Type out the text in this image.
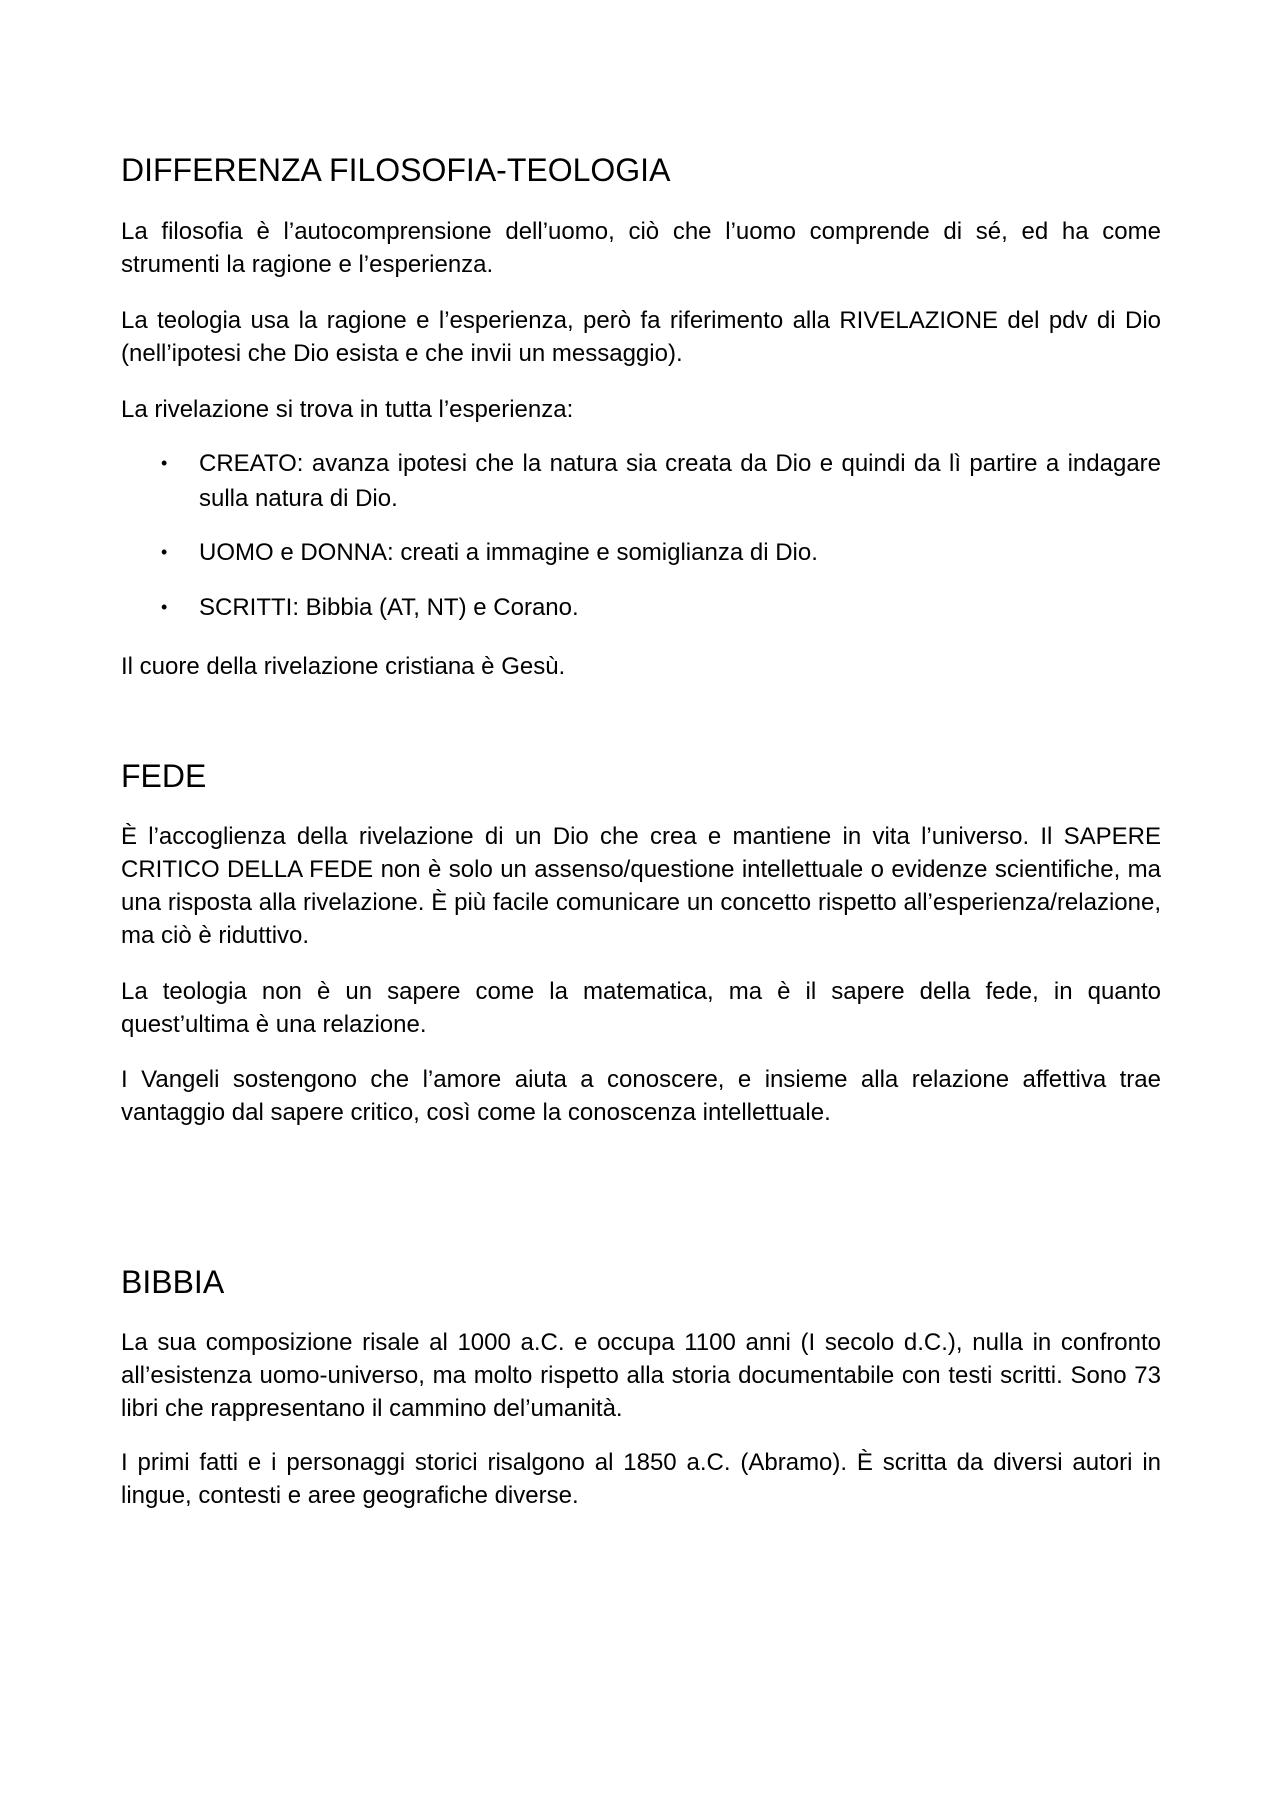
DIFFERENZA FILOSOFIA-TEOLOGIA

La filosofia è l’autocomprensione dell’uomo, ciò che l’uomo comprende di sé, ed ha come strumenti la ragione e l’esperienza.

La teologia usa la ragione e l’esperienza, però fa riferimento alla RIVELAZIONE del pdv di Dio (nell’ipotesi che Dio esista e che invii un messaggio).

La rivelazione si trova in tutta l’esperienza:

• CREATO: avanza ipotesi che la natura sia creata da Dio e quindi da lì partire a indagare sulla natura di Dio.
• UOMO e DONNA: creati a immagine e somiglianza di Dio.
• SCRITTI: Bibbia (AT, NT) e Corano.

Il cuore della rivelazione cristiana è Gesù.

FEDE

È l’accoglienza della rivelazione di un Dio che crea e mantiene in vita l’universo. Il SAPERE CRITICO DELLA FEDE non è solo un assenso/questione intellettuale o evidenze scientifiche, ma una risposta alla rivelazione. È più facile comunicare un concetto rispetto all’esperienza/relazione, ma ciò è riduttivo.

La teologia non è un sapere come la matematica, ma è il sapere della fede, in quanto quest’ultima è una relazione.

I Vangeli sostengono che l’amore aiuta a conoscere, e insieme alla relazione affettiva trae vantaggio dal sapere critico, così come la conoscenza intellettuale.

BIBBIA

La sua composizione risale al 1000 a.C. e occupa 1100 anni (I secolo d.C.), nulla in confronto all’esistenza uomo-universo, ma molto rispetto alla storia documentabile con testi scritti. Sono 73 libri che rappresentano il cammino del’umanità.

I primi fatti e i personaggi storici risalgono al 1850 a.C. (Abramo). È scritta da diversi autori in lingue, contesti e aree geografiche diverse.
